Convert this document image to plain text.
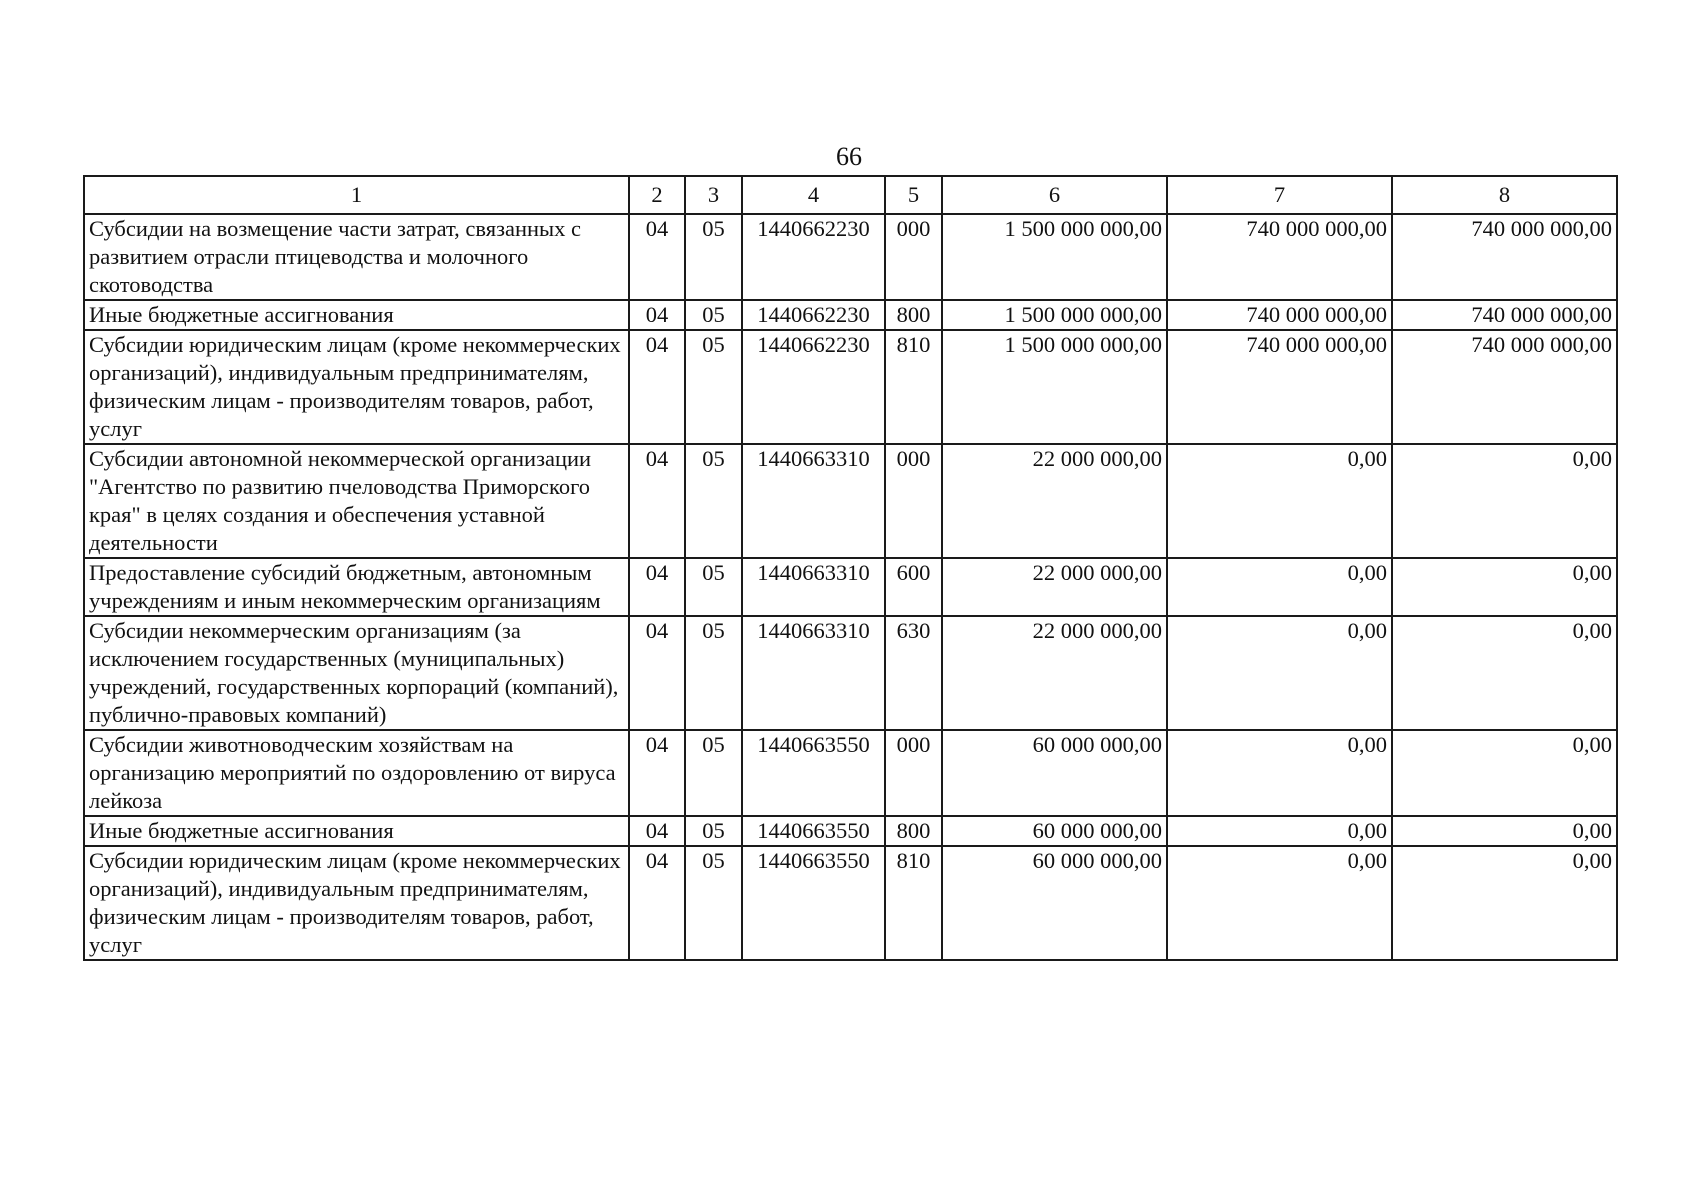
66
1	2	3	4	5	6	7	8
Субсидии на возмещение части затрат, связанных с развитием отрасли птицеводства и молочного скотоводства	04	05	1440662230	000	1 500 000 000,00	740 000 000,00	740 000 000,00

Иные бюджетные ассигнования	04	05	1440662230	800	1 500 000 000,00	740 000 000,00	740 000 000,00

Субсидии юридическим лицам (кроме некоммерческих организаций), индивидуальным предпринимателям, физическим лицам - производителям товаров, работ, услуг	04	05	1440662230	810	1 500 000 000,00	740 000 000,00	740 000 000,00

Субсидии автономной некоммерческой организации "Агентство по развитию пчеловодства Приморского края" в целях создания и обеспечения уставной деятельности	04	05	1440663310	000	22 000 000,00	0,00	0,00

Предоставление субсидий бюджетным, автономным учреждениям и иным некоммерческим организациям	04	05	1440663310	600	22 000 000,00	0,00	0,00

Субсидии некоммерческим организациям (за исключением государственных (муниципальных) учреждений, государственных корпораций (компаний), публично-правовых компаний)	04	05	1440663310	630	22 000 000,00	0,00	0,00

Субсидии животноводческим хозяйствам на организацию мероприятий по оздоровлению от вируса лейкоза	04	05	1440663550	000	60 000 000,00	0,00	0,00

Иные бюджетные ассигнования	04	05	1440663550	800	60 000 000,00	0,00	0,00

Субсидии юридическим лицам (кроме некоммерческих организаций), индивидуальным предпринимателям, физическим лицам - производителям товаров, работ, услуг	04	05	1440663550	810	60 000 000,00	0,00	0,00
